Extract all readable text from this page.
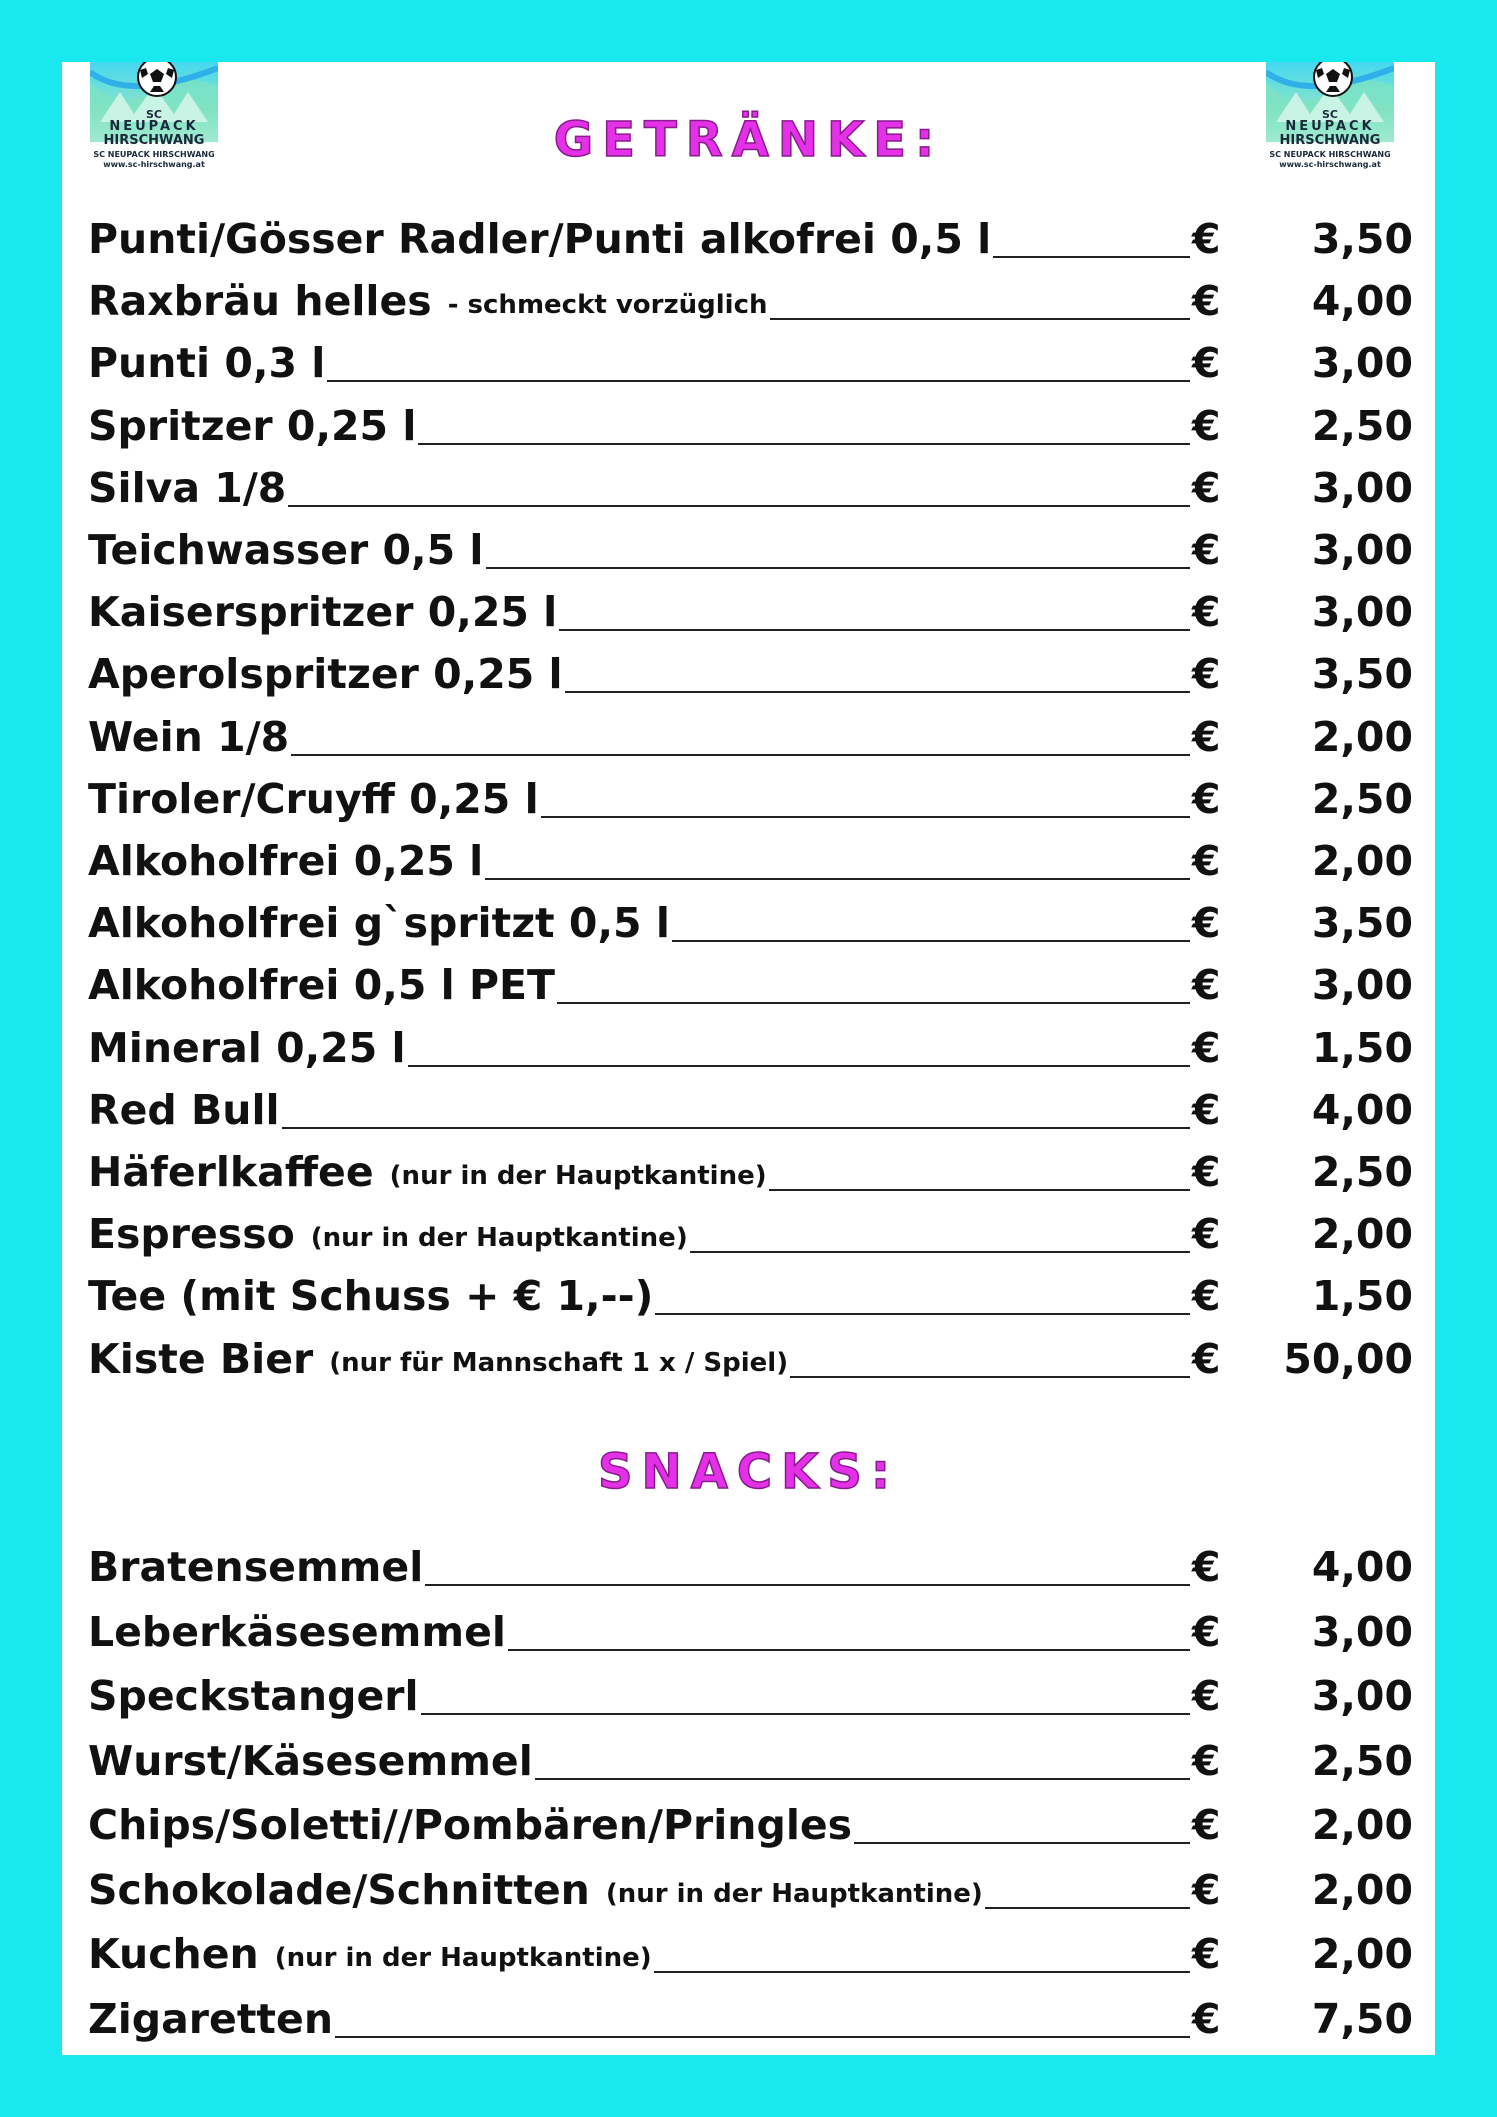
SC
NEUPACK
HIRSCHWANG
SC NEUPACK HIRSCHWANG
www.sc-hirschwang.at
SC
NEUPACK
HIRSCHWANG
SC NEUPACK HIRSCHWANG
www.sc-hirschwang.at
GETRÄNKE:
Punti/Gösser Radler/Punti alkofrei 0,5 l	€ 3,50
Raxbräu helles - schmeckt vorzüglich	€ 4,00
Punti 0,3 l	€ 3,00
Spritzer 0,25 l	€ 2,50
Silva 1/8	€ 3,00
Teichwasser 0,5 l	€ 3,00
Kaiserspritzer 0,25 l	€ 3,00
Aperolspritzer 0,25 l	€ 3,50
Wein 1/8	€ 2,00
Tiroler/Cruyff 0,25 l	€ 2,50
Alkoholfrei 0,25 l	€ 2,00
Alkoholfrei g`spritzt 0,5 l	€ 3,50
Alkoholfrei 0,5 l PET	€ 3,00
Mineral 0,25 l	€ 1,50
Red Bull	€ 4,00
Häferlkaffee (nur in der Hauptkantine)	€ 2,50
Espresso (nur in der Hauptkantine)	€ 2,00
Tee (mit Schuss + € 1,--)	€ 1,50
Kiste Bier (nur für Mannschaft 1 x / Spiel)	€ 50,00
SNACKS:
Bratensemmel	€ 4,00
Leberkäsesemmel	€ 3,00
Speckstangerl	€ 3,00
Wurst/Käsesemmel	€ 2,50
Chips/Soletti//Pombären/Pringles	€ 2,00
Schokolade/Schnitten (nur in der Hauptkantine)	€ 2,00
Kuchen (nur in der Hauptkantine)	€ 2,00
Zigaretten	€ 7,50
